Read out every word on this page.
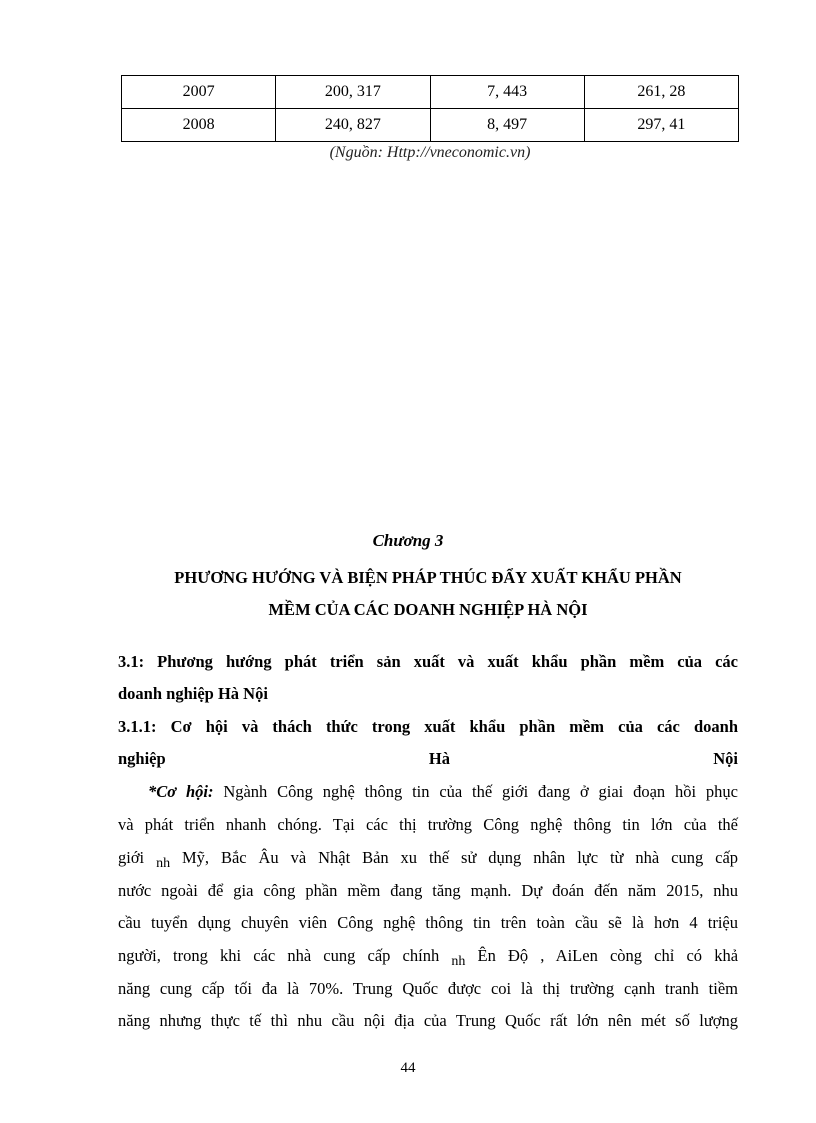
2007	200, 317	7, 443	261, 28
2008	240, 827	8, 497	297, 41
(Nguồn: Http://vneconomic.vn)
Chương 3
PHƯƠNG HƯỚNG VÀ BIỆN PHÁP THÚC ĐẨY XUẤT KHẨU PHẦN
MỀM CỦA CÁC DOANH NGHIỆP HÀ NỘI
3.1: Phương hướng phát triển sản xuất và xuất khẩu phần mềm của các
doanh nghiệp Hà Nội
3.1.1: Cơ hội và thách thức trong xuất khẩu phần mềm của các doanh
nghiệp	Hà	Nội
*Cơ hội: Ngành Công nghệ thông tin của thế giới đang ở giai đoạn hồi phục
và phát triển nhanh chóng. Tại các thị trường Công nghệ thông tin lớn của thế
giới $_{nh}$ Mỹ, Bắc Âu và Nhật Bản xu thế sử dụng nhân lực từ nhà cung cấp
nước ngoài để gia công phần mềm đang tăng mạnh. Dự đoán đến năm 2015, nhu
cầu tuyển dụng chuyên viên Công nghệ thông tin trên toàn cầu sẽ là hơn 4 triệu
người, trong khi các nhà cung cấp chính $_{nh}$ Ên Độ , AiLen còng chỉ có khả
năng cung cấp tối đa là 70%. Trung Quốc được coi là thị trường cạnh tranh tiềm
năng nhưng thực tế thì nhu cầu nội địa của Trung Quốc rất lớn nên mét số lượng
44
